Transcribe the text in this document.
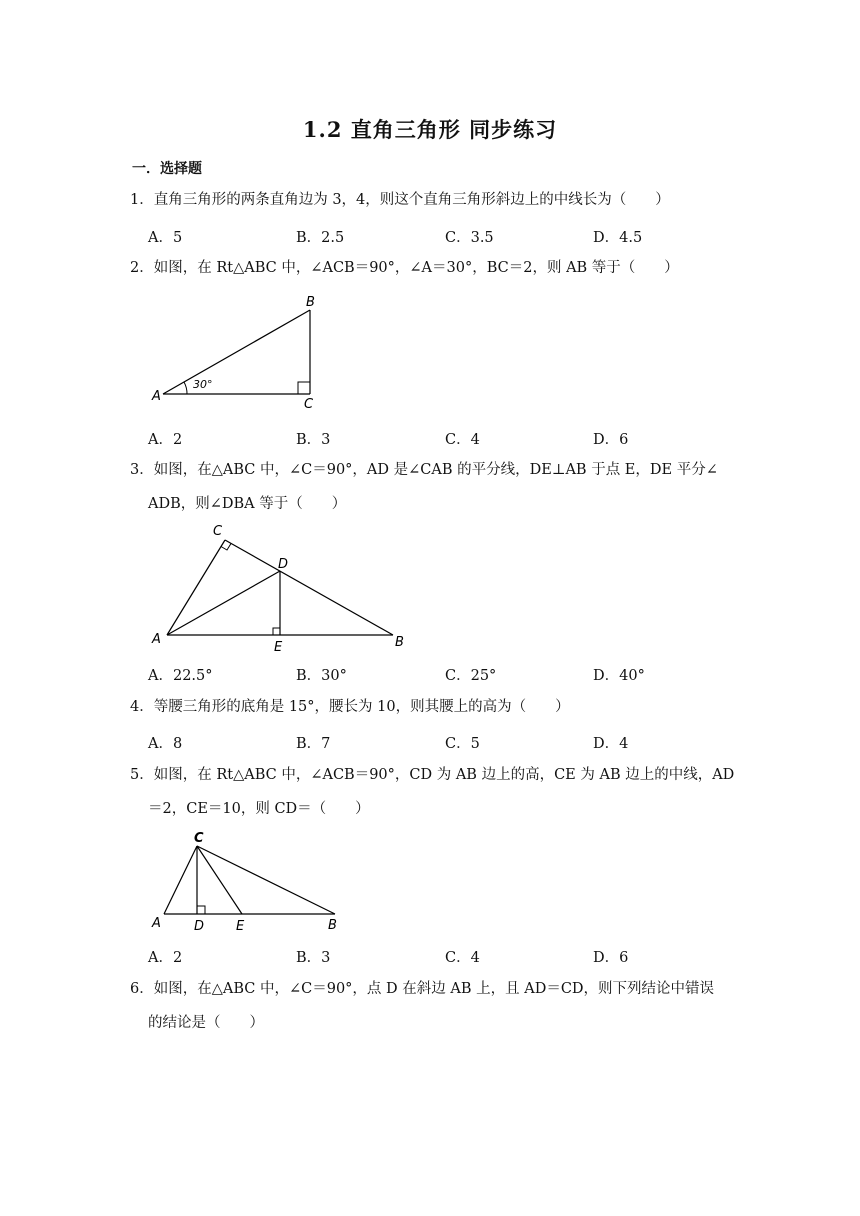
1.2 直角三角形 同步练习
一．选择题
1．直角三角形的两条直角边为 3，4，则这个直角三角形斜边上的中线长为（　　）
A．5	B．2.5	C．3.5	D．4.5
2．如图，在 Rt△ABC 中，∠ACB＝90°，∠A＝30°，BC＝2，则 AB 等于（　　）
30°
A
B
C
A．2	B．3	C．4	D．6
3．如图，在△ABC 中，∠C＝90°，AD 是∠CAB 的平分线，DE⊥AB 于点 E，DE 平分∠
ADB，则∠DBA 等于（　　）
C
D
A
E	B
A．22.5°	B．30°	C．25°	D．40°
4．等腰三角形的底角是 15°，腰长为 10，则其腰上的高为（　　）
A．8	B．7	C．5	D．4
5．如图，在 Rt△ABC 中，∠ACB＝90°，CD 为 AB 边上的高，CE 为 AB 边上的中线，AD
＝2，CE＝10，则 CD＝（　　）
C
A	D E	B
A．2	B．3	C．4	D．6
6．如图，在△ABC 中，∠C＝90°，点 D 在斜边 AB 上，且 AD＝CD，则下列结论中错误
的结论是（　　）
